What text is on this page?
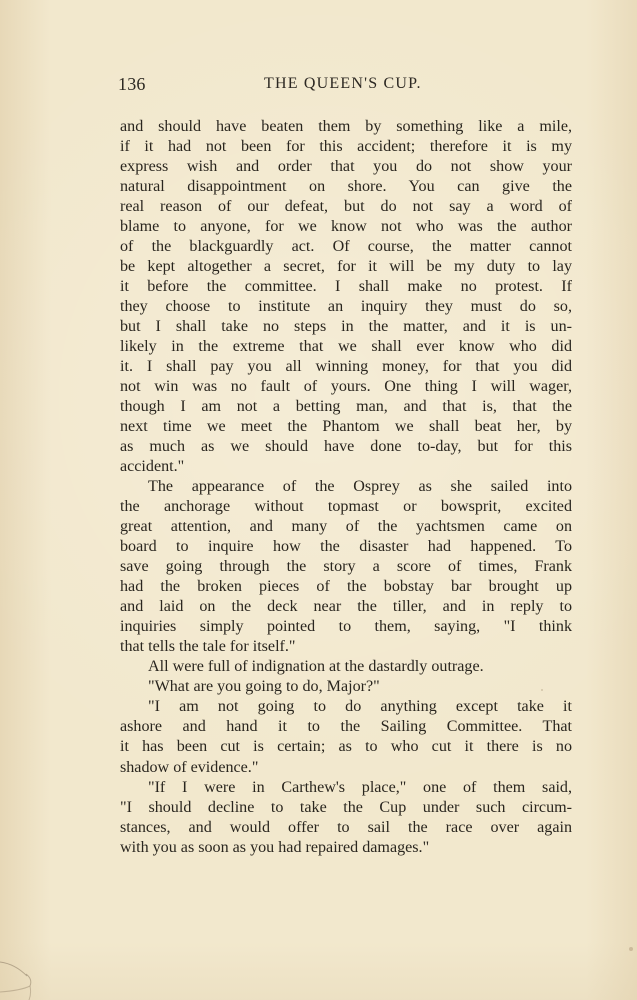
136	THE QUEEN'S CUP.
and should have beaten them by something like a mile,
if it had not been for this accident; therefore it is my
express wish and order that you do not show your
natural disappointment on shore. You can give the
real reason of our defeat, but do not say a word of
blame to anyone, for we know not who was the author
of the blackguardly act. Of course, the matter cannot
be kept altogether a secret, for it will be my duty to lay
it before the committee. I shall make no protest. If
they choose to institute an inquiry they must do so,
but I shall take no steps in the matter, and it is un-
likely in the extreme that we shall ever know who did
it. I shall pay you all winning money, for that you did
not win was no fault of yours. One thing I will wager,
though I am not a betting man, and that is, that the
next time we meet the Phantom we shall beat her, by
as much as we should have done to-day, but for this
accident."
The appearance of the Osprey as she sailed into
the anchorage without topmast or bowsprit, excited
great attention, and many of the yachtsmen came on
board to inquire how the disaster had happened. To
save going through the story a score of times, Frank
had the broken pieces of the bobstay bar brought up
and laid on the deck near the tiller, and in reply to
inquiries simply pointed to them, saying, "I think
that tells the tale for itself."
All were full of indignation at the dastardly outrage.
"What are you going to do, Major?"
"I am not going to do anything except take it
ashore and hand it to the Sailing Committee. That
it has been cut is certain; as to who cut it there is no
shadow of evidence."
"If I were in Carthew's place," one of them said,
"I should decline to take the Cup under such circum-
stances, and would offer to sail the race over again
with you as soon as you had repaired damages."
